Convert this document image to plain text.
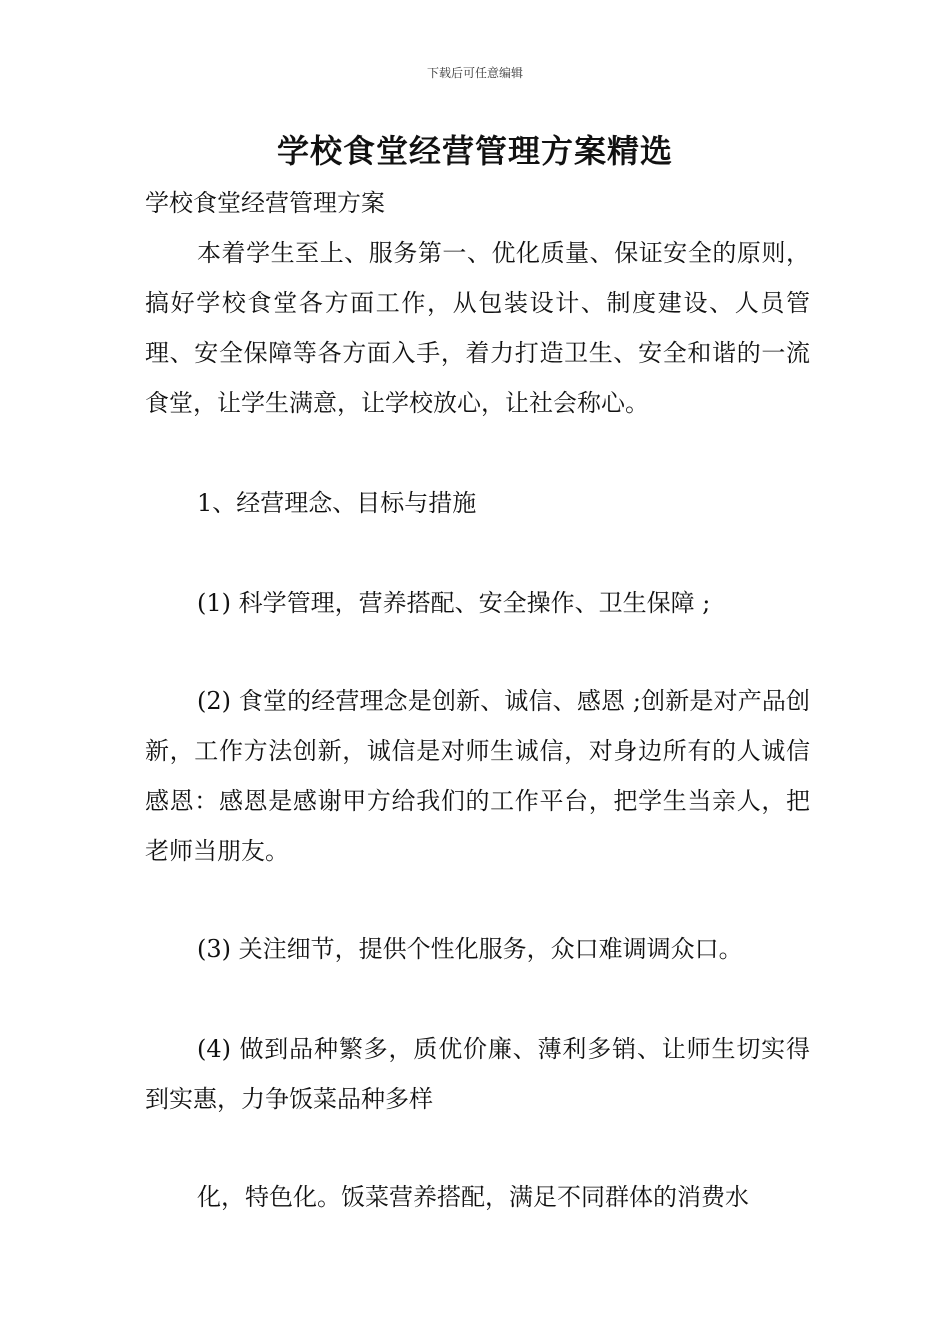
下载后可任意编辑
学校食堂经营管理方案精选
学校食堂经营管理方案
本着学生至上、服务第一、优化质量、保证安全的原则，搞好学校食堂各方面工作，从包装设计、制度建设、人员管理、安全保障等各方面入手，着力打造卫生、安全和谐的一流食堂，让学生满意，让学校放心，让社会称心。
1、经营理念、目标与措施
(1) 科学管理，营养搭配、安全操作、卫生保障 ;
(2) 食堂的经营理念是创新、诚信、感恩 ;创新是对产品创新，工作方法创新，诚信是对师生诚信，对身边所有的人诚信感恩：感恩是感谢甲方给我们的工作平台，把学生当亲人，把老师当朋友。
(3) 关注细节，提供个性化服务，众口难调调众口。
(4) 做到品种繁多，质优价廉、薄利多销、让师生切实得到实惠，力争饭菜品种多样
化，特色化。饭菜营养搭配，满足不同群体的消费水
